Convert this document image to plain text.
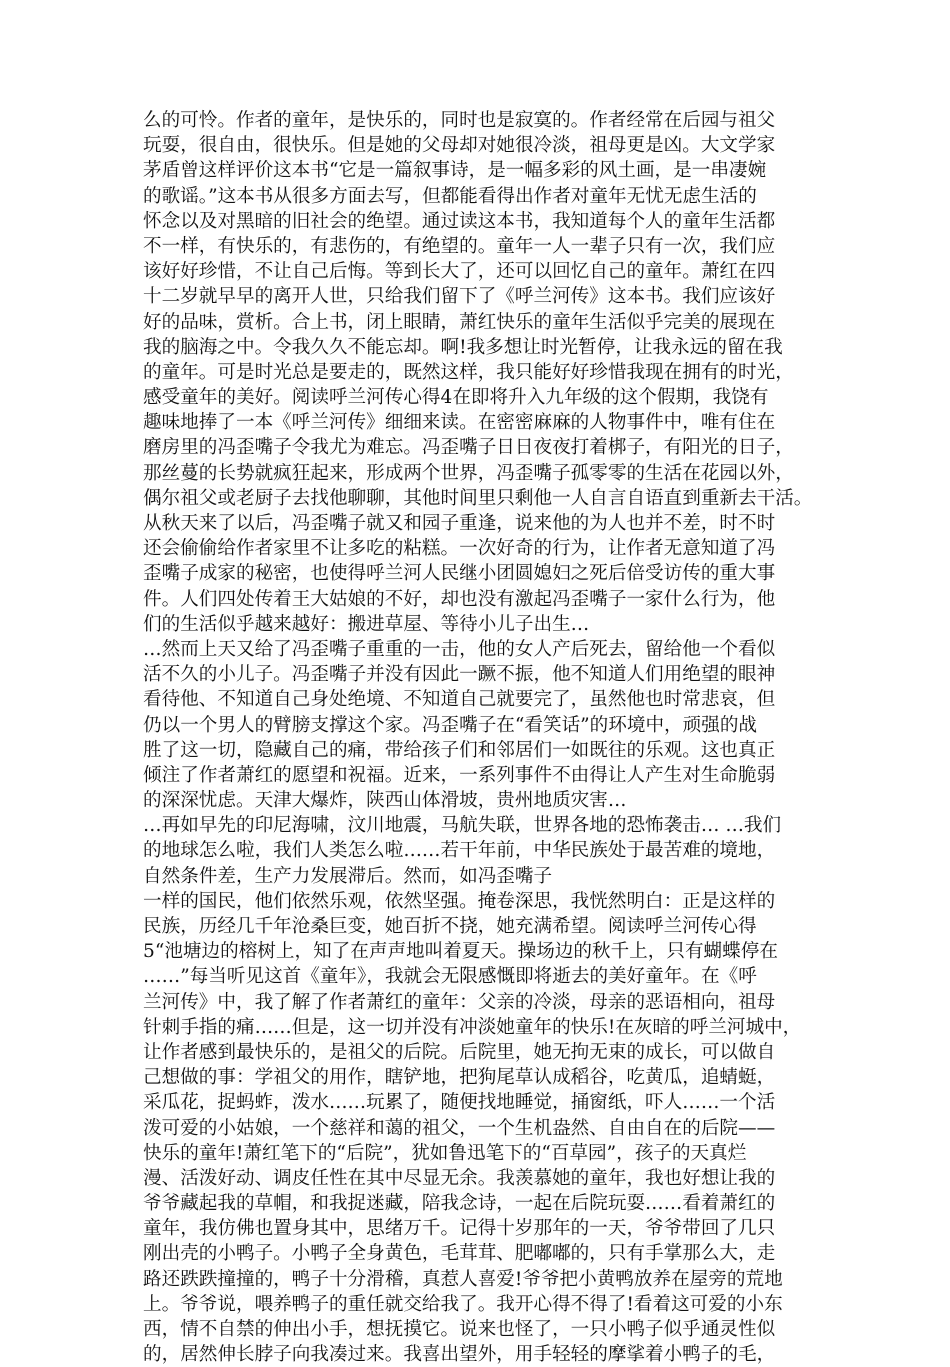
么的可怜。作者的童年，是快乐的，同时也是寂寞的。作者经常在后园与祖父
玩耍，很自由，很快乐。但是她的父母却对她很冷淡，祖母更是凶。大文学家
茅盾曾这样评价这本书“它是一篇叙事诗，是一幅多彩的风土画，是一串凄婉
的歌谣。”这本书从很多方面去写，但都能看得出作者对童年无忧无虑生活的
怀念以及对黑暗的旧社会的绝望。通过读这本书，我知道每个人的童年生活都
不一样，有快乐的，有悲伤的，有绝望的。童年一人一辈子只有一次，我们应
该好好珍惜，不让自己后悔。等到长大了，还可以回忆自己的童年。萧红在四
十二岁就早早的离开人世，只给我们留下了《呼兰河传》这本书。我们应该好
好的品味，赏析。合上书，闭上眼睛，萧红快乐的童年生活似乎完美的展现在
我的脑海之中。令我久久不能忘却。啊!我多想让时光暂停，让我永远的留在我
的童年。可是时光总是要走的，既然这样，我只能好好珍惜我现在拥有的时光，
感受童年的美好。阅读呼兰河传心得4在即将升入九年级的这个假期，我饶有
趣味地捧了一本《呼兰河传》细细来读。在密密麻麻的人物事件中，唯有住在
磨房里的冯歪嘴子令我尤为难忘。冯歪嘴子日日夜夜打着梆子，有阳光的日子，
那丝蔓的长势就疯狂起来，形成两个世界，冯歪嘴子孤零零的生活在花园以外，
偶尔祖父或老厨子去找他聊聊，其他时间里只剩他一人自言自语直到重新去干活。
从秋天来了以后，冯歪嘴子就又和园子重逢，说来他的为人也并不差，时不时
还会偷偷给作者家里不让多吃的粘糕。一次好奇的行为，让作者无意知道了冯
歪嘴子成家的秘密，也使得呼兰河人民继小团圆媳妇之死后倍受访传的重大事
件。人们四处传着王大姑娘的不好，却也没有激起冯歪嘴子一家什么行为，他
们的生活似乎越来越好：搬进草屋、等待小儿子出生…
…然而上天又给了冯歪嘴子重重的一击，他的女人产后死去，留给他一个看似
活不久的小儿子。冯歪嘴子并没有因此一蹶不振，他不知道人们用绝望的眼神
看待他、不知道自己身处绝境、不知道自己就要完了，虽然他也时常悲哀，但
仍以一个男人的臂膀支撑这个家。冯歪嘴子在“看笑话”的环境中，顽强的战
胜了这一切，隐藏自己的痛，带给孩子们和邻居们一如既往的乐观。这也真正
倾注了作者萧红的愿望和祝福。近来，一系列事件不由得让人产生对生命脆弱
的深深忧虑。天津大爆炸，陕西山体滑坡，贵州地质灾害…
…再如早先的印尼海啸，汶川地震，马航失联，世界各地的恐怖袭击… …我们
的地球怎么啦，我们人类怎么啦……若干年前，中华民族处于最苦难的境地，
自然条件差，生产力发展滞后。然而，如冯歪嘴子
一样的国民，他们依然乐观，依然坚强。掩卷深思，我恍然明白：正是这样的
民族，历经几千年沧桑巨变，她百折不挠，她充满希望。阅读呼兰河传心得
5“池塘边的榕树上，知了在声声地叫着夏天。操场边的秋千上，只有蝴蝶停在
……”每当听见这首《童年》，我就会无限感慨即将逝去的美好童年。在《呼
兰河传》中，我了解了作者萧红的童年：父亲的冷淡，母亲的恶语相向，祖母
针刺手指的痛……但是，这一切并没有冲淡她童年的快乐!在灰暗的呼兰河城中，
让作者感到最快乐的，是祖父的后院。后院里，她无拘无束的成长，可以做自
己想做的事：学祖父的用作，瞎铲地，把狗尾草认成稻谷，吃黄瓜，追蜻蜓，
采瓜花，捉蚂蚱，泼水……玩累了，随便找地睡觉，捅窗纸，吓人……一个活
泼可爱的小姑娘，一个慈祥和蔼的祖父，一个生机盎然、自由自在的后院——
快乐的童年!萧红笔下的“后院”，犹如鲁迅笔下的“百草园”，孩子的天真烂
漫、活泼好动、调皮任性在其中尽显无余。我羡慕她的童年，我也好想让我的
爷爷藏起我的草帽，和我捉迷藏，陪我念诗，一起在后院玩耍……看着萧红的
童年，我仿佛也置身其中，思绪万千。记得十岁那年的一天，爷爷带回了几只
刚出壳的小鸭子。小鸭子全身黄色，毛茸茸、肥嘟嘟的，只有手掌那么大，走
路还跌跌撞撞的，鸭子十分滑稽，真惹人喜爱!爷爷把小黄鸭放养在屋旁的荒地
上。爷爷说，喂养鸭子的重任就交给我了。我开心得不得了!看着这可爱的小东
西，情不自禁的伸出小手，想抚摸它。说来也怪了，一只小鸭子似乎通灵性似
的，居然伸长脖子向我凑过来。我喜出望外，用手轻轻的摩挲着小鸭子的毛，
